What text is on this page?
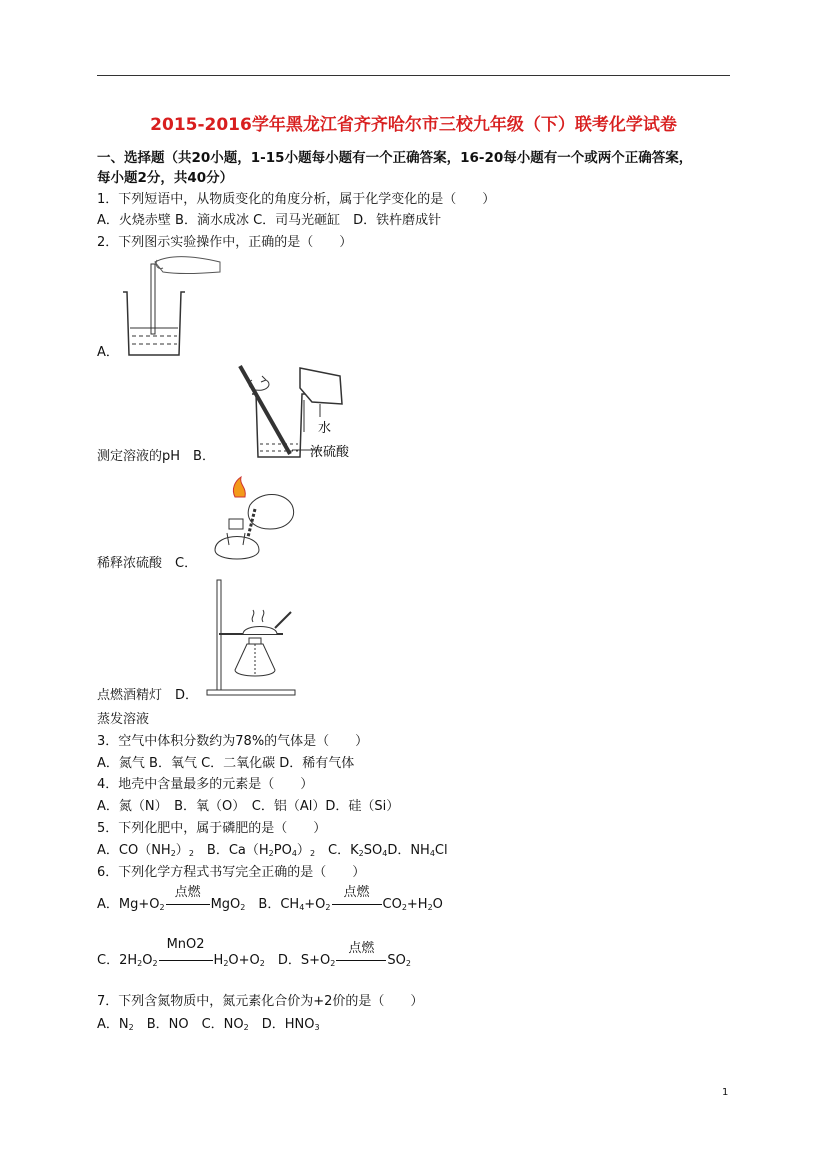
2015-2016学年黑龙江省齐齐哈尔市三校九年级（下）联考化学试卷
一、选择题（共20小题，1-15小题每小题有一个正确答案，16-20每小题有一个或两个正确答案，
每小题2分，共40分）
1．下列短语中，从物质变化的角度分析，属于化学变化的是（　　）
A．火烧赤壁 B．滴水成冰 C．司马光砸缸　D．铁杵磨成针
2．下列图示实验操作中，正确的是（　　）
A．
水
浓硫酸
测定溶液的pH　B．
稀释浓硫酸　C．
点燃酒精灯　D．
蒸发溶液
3．空气中体积分数约为78%的气体是（　　）
A．氮气 B．氧气 C．二氧化碳 D．稀有气体
4．地壳中含量最多的元素是（　　）
A．氮（N）　B．氧（O）　C．铝（Al）D．硅（Si）
5．下列化肥中，属于磷肥的是（　　）
A．$CO(NH_2)_2$　B．$Ca(H_2PO_4)_2$　C．$K_2SO_4D$．$NH_4Cl$
6．下列化学方程式书写完全正确的是（　　）
A．$Mg+O_2$
点燃
MgO$_2$　 B．$CH_4+O_2$
点燃
$CO_2+H_2O$
C．$2H_2O_2$
MnO2
$H_2O+O_2$　 D．$S+O_2$
点燃
$SO_2$
7．下列含氮物质中，氮元素化合价为+2价的是（　　）
A．$N_2$　B．NO　C．$NO_2$　D．$HNO_3$
1
